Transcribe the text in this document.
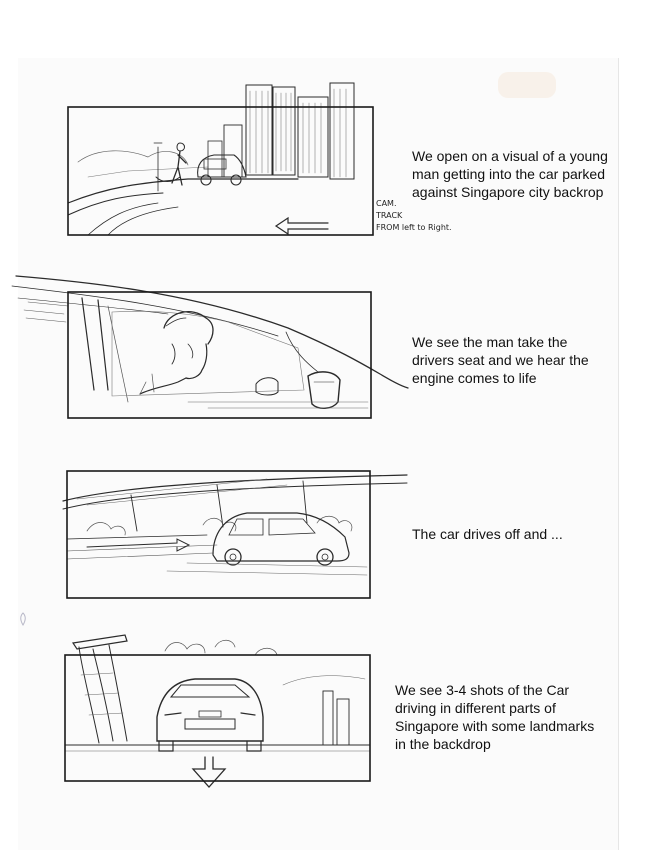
CAM.
TRACK
FROM left to Right.

We open on a visual of a young
man getting into the car parked
against Singapore city backrop

We see the man take the
drivers seat and we hear the
engine comes to life

The car drives off and ...

We see 3-4 shots of the Car
driving in different parts of
Singapore with some landmarks
in the backdrop
